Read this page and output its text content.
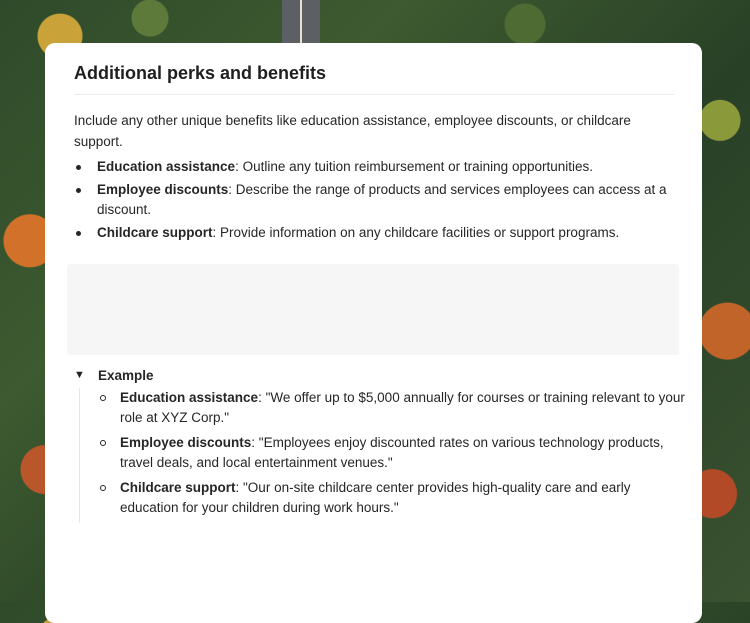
Additional perks and benefits

Include any other unique benefits like education assistance, employee discounts, or childcare support.

Education assistance: Outline any tuition reimbursement or training opportunities.
Employee discounts: Describe the range of products and services employees can access at a discount.
Childcare support: Provide information on any childcare facilities or support programs.
▼ Example
Education assistance: "We offer up to $5,000 annually for courses or training relevant to your role at XYZ Corp."
Employee discounts: "Employees enjoy discounted rates on various technology products, travel deals, and local entertainment venues."
Childcare support: "Our on-site childcare center provides high-quality care and early education for your children during work hours."
